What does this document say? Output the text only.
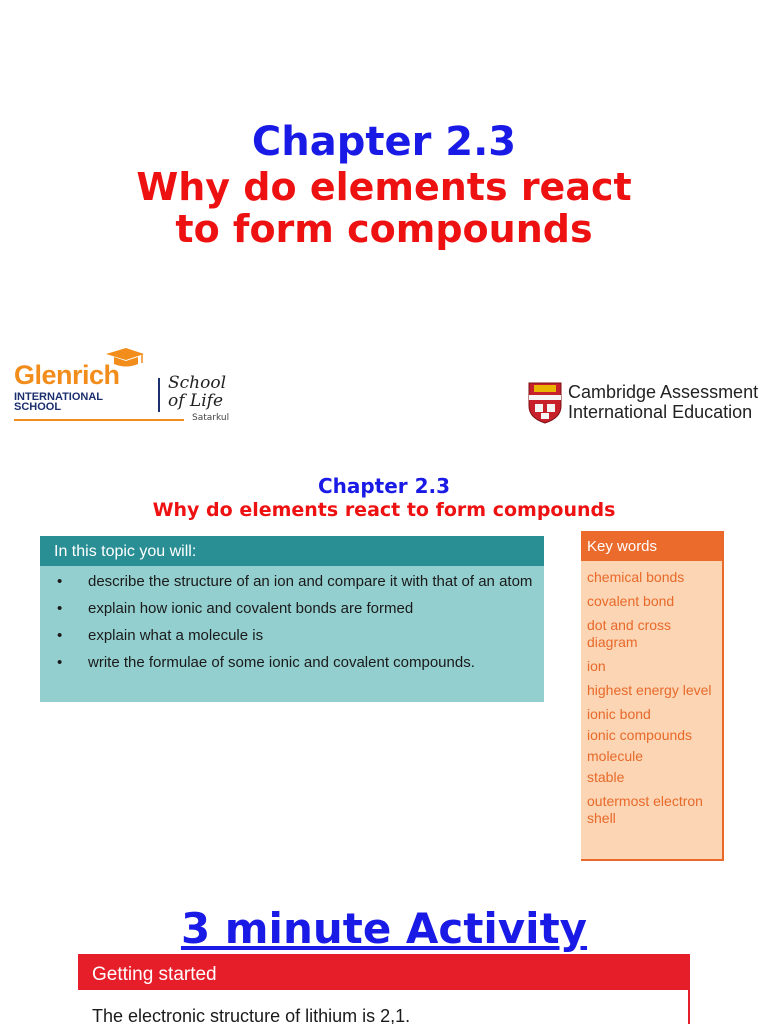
Chapter 2.3
Why do elements react
to form compounds
Glenrich
INTERNATIONAL
SCHOOL
School
of Life
Satarkul
Cambridge Assessment
International Education
Chapter 2.3
Why do elements react to form compounds
In this topic you will:
• describe the structure of an ion and compare it with that of an atom
• explain how ionic and covalent bonds are formed
• explain what a molecule is
• write the formulae of some ionic and covalent compounds.
Key words
chemical bonds
covalent bond
dot and cross diagram
ion
highest energy level
ionic bond
ionic compounds
molecule
stable
outermost electron shell
3 minute Activity
Getting started
The electronic structure of lithium is 2,1.
